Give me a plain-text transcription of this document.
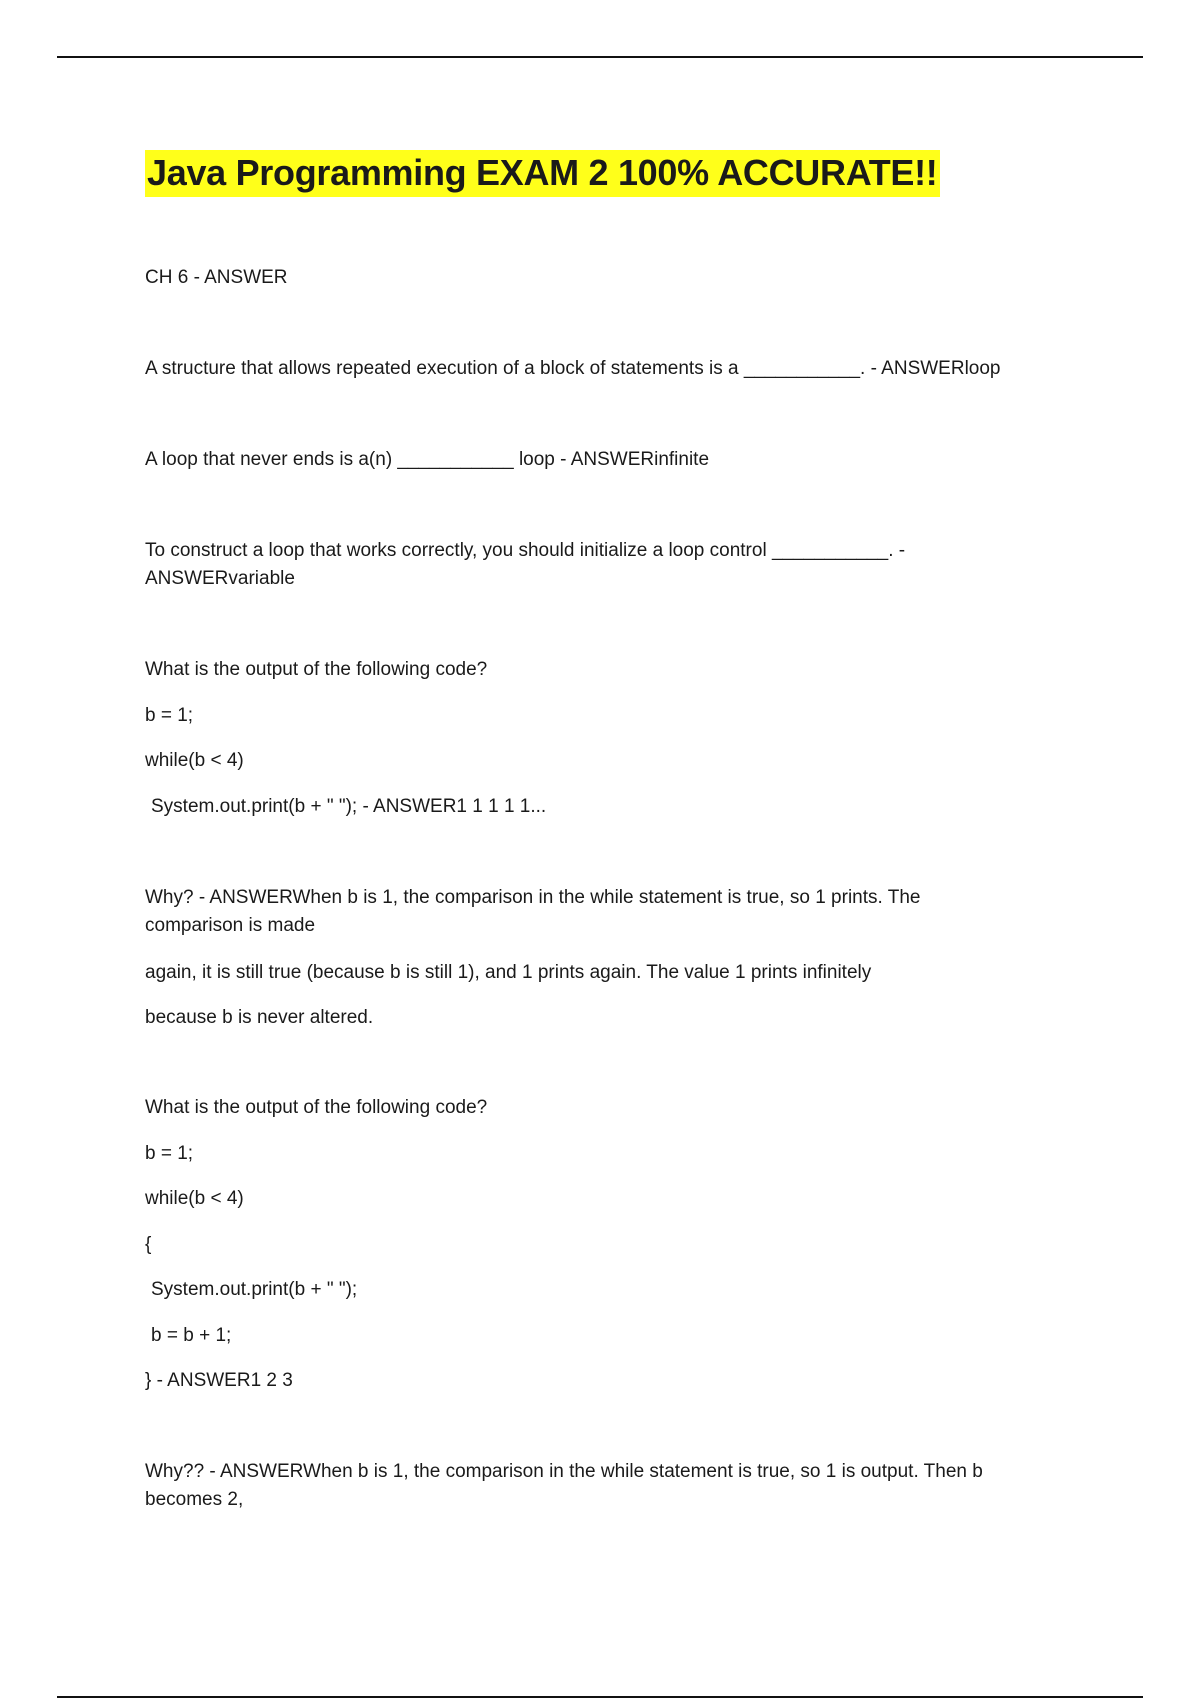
Java Programming EXAM 2 100% ACCURATE!!

CH 6 - ANSWER

A structure that allows repeated execution of a block of statements is a ___________. - ANSWERloop

A loop that never ends is a(n) ___________ loop - ANSWERinfinite

To construct a loop that works correctly, you should initialize a loop control ___________. - ANSWERvariable

What is the output of the following code?

b = 1;

while(b < 4)

System.out.print(b + " "); - ANSWER1 1 1 1 1...

Why? - ANSWERWhen b is 1, the comparison in the while statement is true, so 1 prints. The comparison is made

again, it is still true (because b is still 1), and 1 prints again. The value 1 prints infinitely

because b is never altered.

What is the output of the following code?

b = 1;

while(b < 4)

{

System.out.print(b + " ");

b = b + 1;

} - ANSWER1 2 3

Why?? - ANSWERWhen b is 1, the comparison in the while statement is true, so 1 is output. Then b becomes 2,
